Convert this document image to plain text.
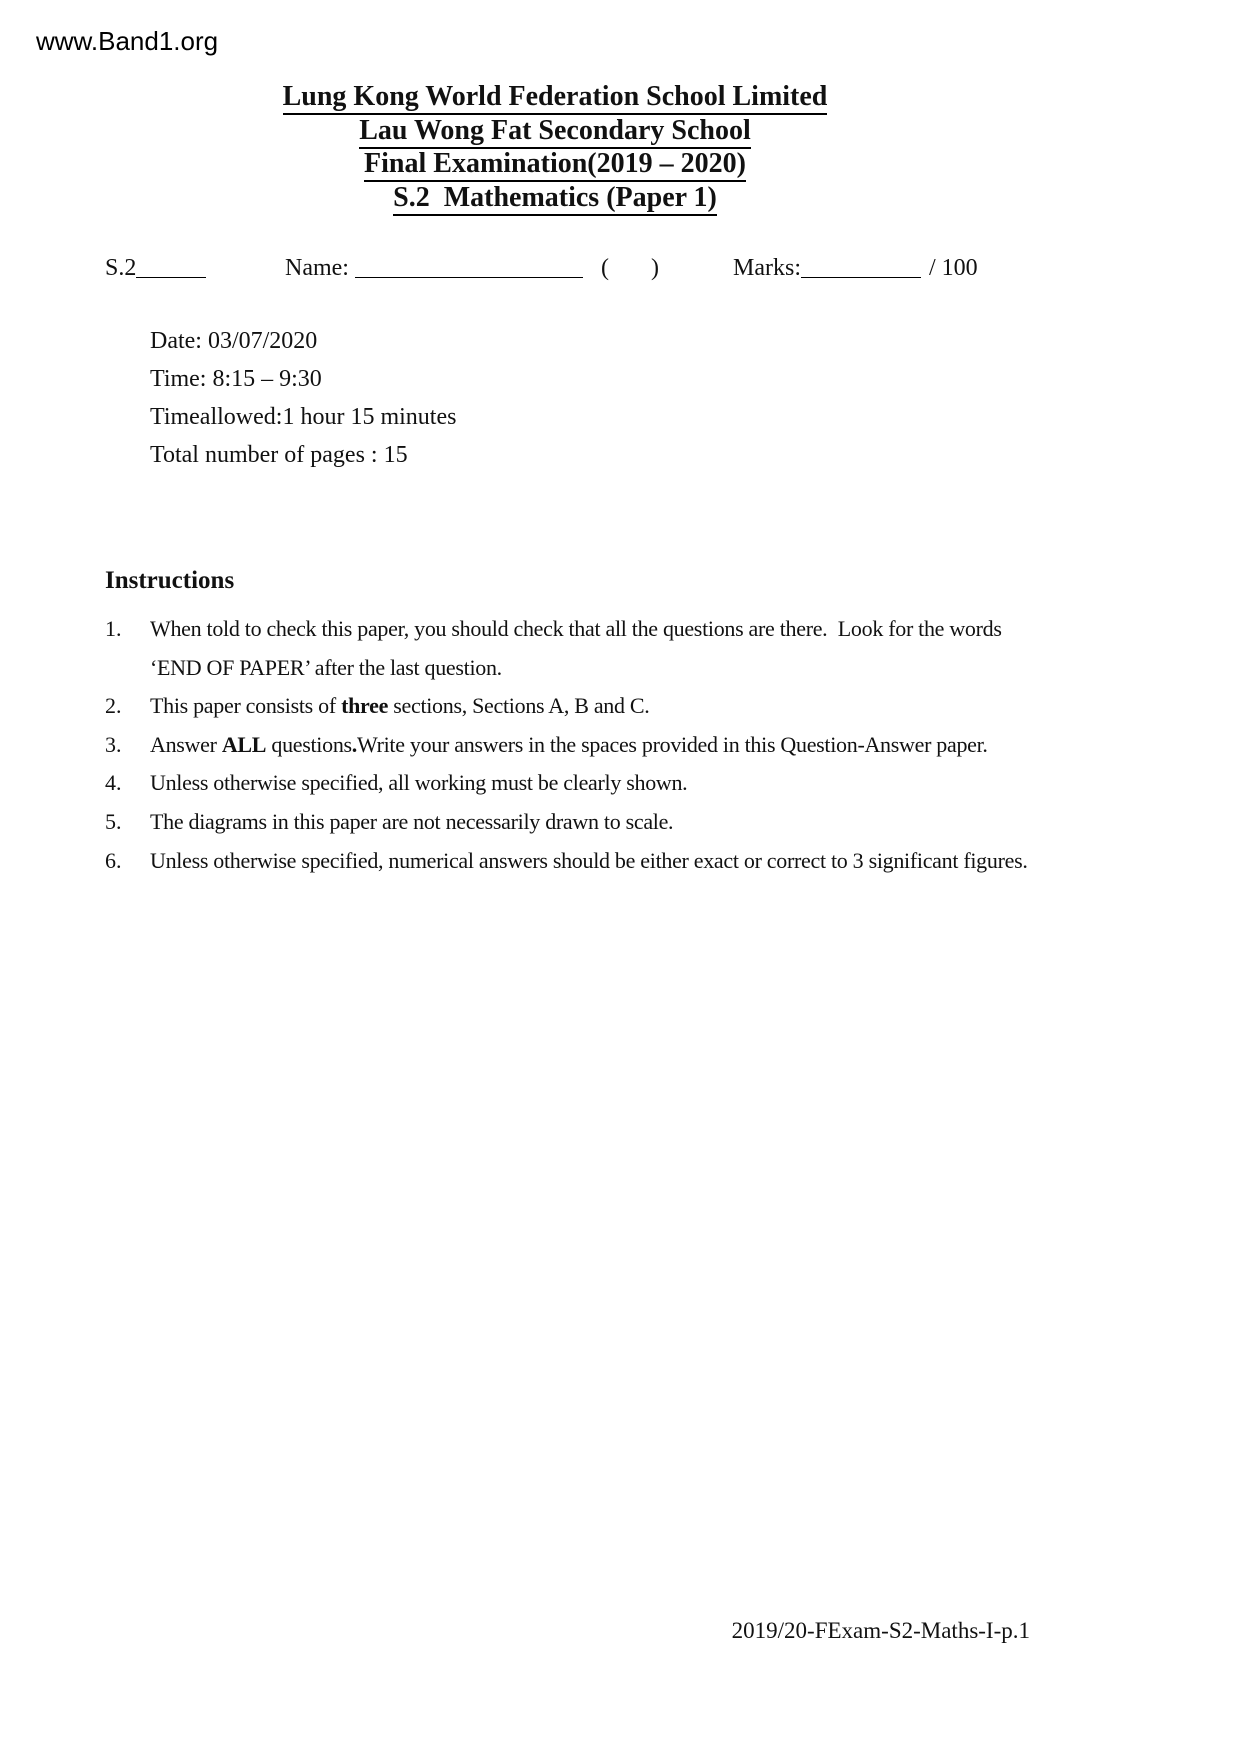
www.Band1.org
Lung Kong World Federation School Limited
Lau Wong Fat Secondary School
Final Examination(2019 – 2020)
S.2  Mathematics (Paper 1)
S.2	Name:	( )	Marks:	/ 100

Date: 03/07/2020

Time: 8:15 – 9:30

Timeallowed:1 hour 15 minutes

Total number of pages : 15

Instructions
1.	When told to check this paper, you should check that all the questions are there.  Look for the words ‘END OF PAPER’ after the last question.
2.	This paper consists of three sections, Sections A, B and C.
3.	Answer ALL questions.Write your answers in the spaces provided in this Question-Answer paper.
4.	Unless otherwise specified, all working must be clearly shown.
5.	The diagrams in this paper are not necessarily drawn to scale.
6.	Unless otherwise specified, numerical answers should be either exact or correct to 3 significant figures.
2019/20-FExam-S2-Maths-I-p.1
